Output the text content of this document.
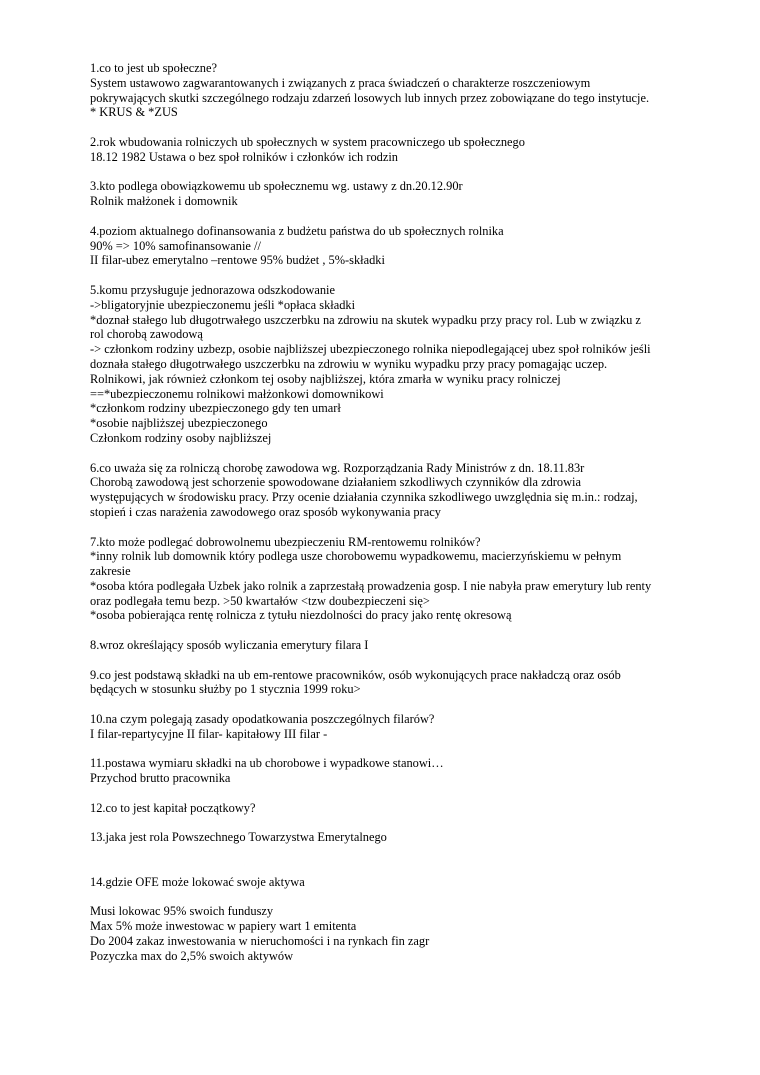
1.co to jest ub społeczne?
System ustawowo zagwarantowanych i związanych z praca świadczeń o charakterze roszczeniowym
pokrywających skutki szczególnego rodzaju zdarzeń losowych lub innych przez zobowiązane do tego instytucje.
* KRUS & *ZUS
2.rok wbudowania rolniczych ub społecznych w system pracowniczego ub społecznego
18.12 1982 Ustawa o bez społ rolników i członków ich rodzin
3.kto podlega obowiązkowemu ub społecznemu wg. ustawy z dn.20.12.90r
Rolnik małżonek i domownik
4.poziom aktualnego dofinansowania z budżetu państwa do ub społecznych rolnika
90% => 10% samofinansowanie //
II filar-ubez emerytalno –rentowe 95% budżet , 5%-składki
5.komu przysługuje jednorazowa odszkodowanie
->bligatoryjnie ubezpieczonemu jeśli *opłaca składki
*doznał stałego lub długotrwałego uszczerbku na zdrowiu na skutek wypadku przy pracy rol. Lub w związku z
rol chorobą zawodową
-> członkom rodziny uzbezp, osobie najbliższej ubezpieczonego rolnika niepodlegającej ubez społ rolników jeśli
doznała stałego długotrwałego uszczerbku na zdrowiu w wyniku wypadku przy pracy pomagając uczep.
Rolnikowi, jak również członkom tej osoby najbliższej, która zmarła w wyniku pracy rolniczej
==*ubezpieczonemu rolnikowi małżonkowi domownikowi
*członkom rodziny ubezpieczonego gdy ten umarł
*osobie najbliższej ubezpieczonego
Członkom rodziny osoby najbliższej
6.co uważa się za rolniczą chorobę zawodowa wg. Rozporządzania Rady Ministrów z dn. 18.11.83r
Chorobą zawodową jest schorzenie spowodowane działaniem szkodliwych czynników dla zdrowia
występujących w środowisku pracy. Przy ocenie działania czynnika szkodliwego uwzględnia się m.in.: rodzaj,
stopień i czas narażenia zawodowego oraz sposób wykonywania pracy
7.kto może podlegać dobrowolnemu ubezpieczeniu RM-rentowemu rolników?
*inny rolnik lub domownik który podlega usze chorobowemu wypadkowemu, macierzyńskiemu w pełnym
zakresie
*osoba która podlegała Uzbek jako rolnik a zaprzestałą prowadzenia gosp. I nie nabyła praw emerytury lub renty
oraz podlegała temu bezp. >50 kwartałów <tzw doubezpieczeni się>
*osoba pobierająca rentę rolnicza z tytułu niezdolności do pracy jako rentę okresową
8.wroz określający sposób wyliczania emerytury filara I
9.co jest podstawą składki na ub em-rentowe pracowników, osób wykonujących prace nakładczą oraz osób
będących w stosunku służby po 1 stycznia 1999 roku>
10.na czym polegają zasady opodatkowania poszczególnych filarów?
I filar-repartycyjne II filar- kapitałowy III filar -
11.postawa wymiaru składki na ub chorobowe i wypadkowe stanowi…
Przychod brutto pracownika
12.co to jest kapitał początkowy?
13.jaka jest rola Powszechnego Towarzystwa Emerytalnego
14.gdzie OFE może lokować swoje aktywa
Musi lokowac 95% swoich funduszy
Max 5% może inwestowac w papiery wart 1 emitenta
Do 2004 zakaz inwestowania w nieruchomości i na rynkach fin zagr
Pozyczka max do 2,5% swoich aktywów
